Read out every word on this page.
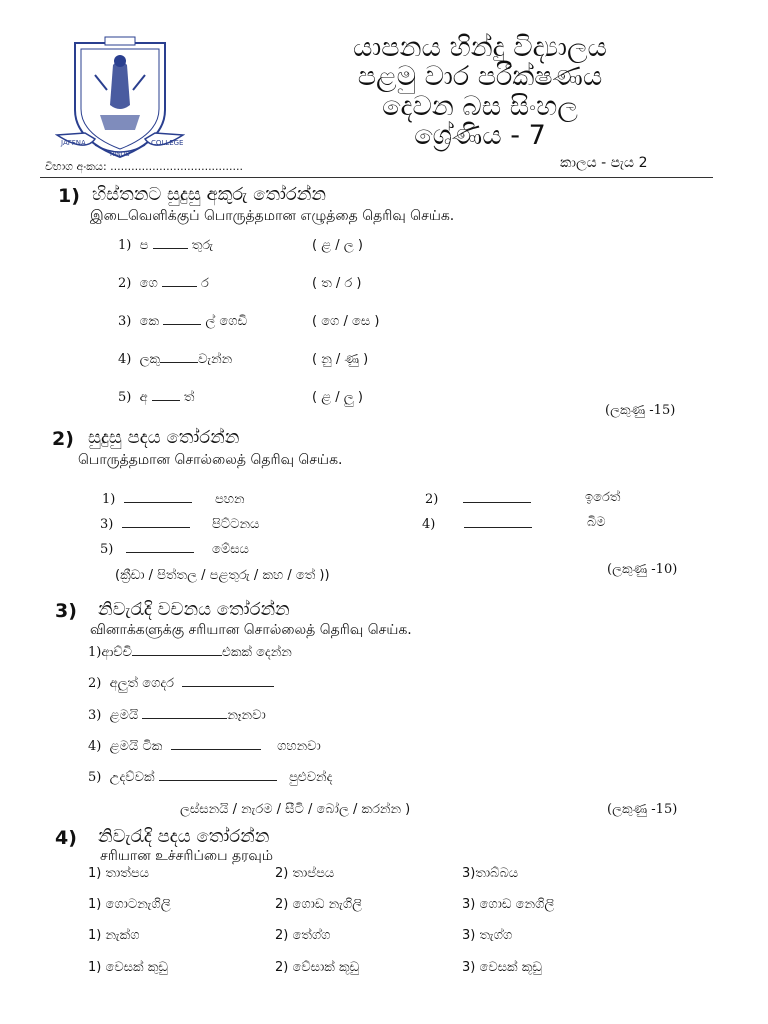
JAFFNA
HINDU
COLLEGE
යාපනය හින්දු විද්‍යාලය
පළමු වාර පරීක්ෂණය
දෙවන බස සිංහල
ශ්‍රේණිය - 7
විභාග අංකය: ......................................	කාලය - පැය 2
1) හිස්තනට සුදුසු අකුරු තෝරන්න
இடைவெளிக்குப் பொருத்தமான எழுத்தை தெரிவு செய்க.
1) ප	තුරු	( ළ / ල )
2) ගෙ	ර	( ත / ර )
3) කෙ	ල් ගෙඩි	( ගෙ / සෙ )
4) ලකු	වැන්න	( නු / ණු )
5) අ	ත්	( ළ / ලු )
(ලකුණු -15)
2) සුදුසු පදය තෝරන්න
பொருத்தமான சொல்லைத் தெரிவு செய்க.
1)	පහන	2)	ඉරෙත්
3)	පිට්ටනය	4)	බිම
5)	මේසය
(ක්‍රීඩා / පිත්තල / පළතුරු / කහ / තේ ))	(ලකුණු -10)
3) නිවැරැදි වචනය තෝරන්න
வினாக்களுக்கு சரியான சொல்லைத் தெரிவு செய்க.
1)ආච්චි	එකක් දෙන්න
2) අලුත් ගෙදර
3) ළමයි	නෑනවා
4) ළමයි ටික	ගහනවා
5) උදව්වක්	පුළුවන්ද
ලස්සනයි / නැරම / සීටි / බෝල / කරන්න )	(ලකුණු -15)
4) නිවැරැදි පදය තෝරන්න
சரியான உச்சரிப்பை தரவும்
1) තාත්පය	2) තාප්පය	3)තාබ්බය
1) ගොටනැගිලි	2) ගොඩ නැගිලි	3) ගොඩ නෙගිලි
1) නැක්ග	2) තේග්ග	3) තැග්ග
1) වෙසක් කුඩු	2) වේසාක් කූඩු	3) වෙසක් කූඩු
